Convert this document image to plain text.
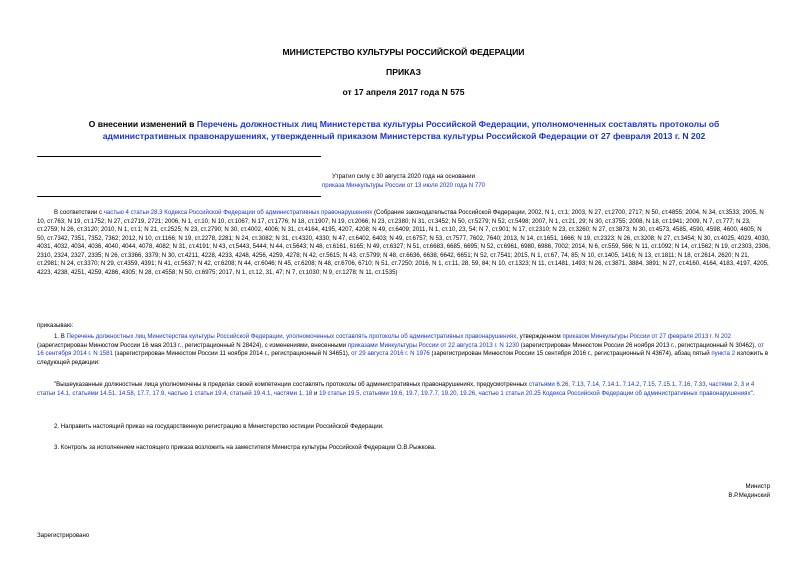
МИНИСТЕРСТВО КУЛЬТУРЫ РОССИЙСКОЙ ФЕДЕРАЦИИ
ПРИКАЗ
от 17 апреля 2017 года N 575
О внесении изменений в Перечень должностных лиц Министерства культуры Российской Федерации, уполномоченных составлять протоколы об административных правонарушениях, утвержденный приказом Министерства культуры Российской Федерации от 27 февраля 2013 г. N 202
Утратил силу с 30 августа 2020 года на основании
приказа Минкультуры России от 13 июля 2020 года N 770
В соответствии с частью 4 статьи 28.3 Кодекса Российской Федерации об административных правонарушениях (Собрание законодательства Российской Федерации, 2002, N 1, ст.1; 2003, N 27, ст.2700, 2717; N 50, ст.4855; 2004, N 34, ст.3533; 2005, N 10, ст.763; N 19, ст.1752; N 27, ст.2719, 2721; 2006, N 1, ст.10; N 10, ст.1067; N 17, ст.1776; N 18, ст.1907; N 19, ст.2066; N 23, ст.2380; N 31, ст.3452; N 50, ст.5279; N 52, ст.5498; 2007, N 1, ст.21, 29; N 30, ст.3755; 2008, N 18, ст.1941; 2009, N 7, ст.777; N 23, ст.2759; N 26, ст.3120; 2010, N 1, ст.1; N 21, ст.2525; N 23, ст.2790; N 30, ст.4002, 4006; N 31, ст.4164, 4195, 4207, 4208; N 49, ст.6409; 2011, N 1, ст.10, 23, 54; N 7, ст.901; N 17, ст.2310; N 23, ст.3260; N 27, ст.3873; N 30, ст.4573, 4585, 4590, 4598, 4600, 4605; N 50, ст.7342, 7351, 7352, 7362; 2012, N 10, ст.1166; N 19, ст.2278, 2281; N 24, ст.3082; N 31, ст.4320, 4330; N 47, ст.6402, 6403; N 49, ст.6757; N 53, ст.7577, 7602, 7640; 2013, N 14, ст.1651, 1666; N 19, ст.2323; N 26, ст.3208; N 27, ст.3454; N 30, ст.4025, 4029, 4030, 4031, 4032, 4034, 4036, 4040, 4044, 4078, 4082; N 31, ст.4191; N 43, ст.5443, 5444; N 44, ст.5643; N 48, ст.6161, 6165; N 49, ст.6327; N 51, ст.6683, 6685, 6695; N 52, ст.6961, 6980, 6986, 7002; 2014, N 6, ст.559, 566; N 11, ст.1092; N 14, ст.1562; N 19, ст.2303, 2306, 2310, 2324, 2327, 2335; N 26, ст.3366, 3379; N 30, ст.4211, 4228, 4233, 4248, 4256, 4259, 4278; N 42, ст.5615; N 43, ст.5799; N 48, ст.6636, 6638, 6642, 6651; N 52, ст.7541; 2015, N 1, ст.67, 74, 85; N 10, ст.1405, 1416; N 13, ст.1811; N 18, ст.2614, 2620; N 21, ст.2981; N 24, ст.3370; N 29, ст.4359, 4391; N 41, ст.5637; N 42, ст.6208; N 44, ст.6046; N 45, ст.6208; N 48, ст.6706, 6710; N 51, ст.7250; 2016, N 1, ст.11, 28, 59, 84; N 10, ст.1323; N 11, ст.1481, 1493; N 26, ст.3871, 3884, 3891; N 27, ст.4160, 4164, 4183, 4197, 4205, 4223, 4238, 4251, 4259, 4286, 4305; N 28, ст.4558; N 50, ст.6975; 2017, N 1, ст.12, 31, 47; N 7, ст.1030; N 9, ст.1278; N 11, ст.1535)
приказываю:
1. В Перечень должностных лиц Министерства культуры Российской Федерации, уполномоченных составлять протоколы об административных правонарушениях, утвержденном приказом Минкультуры России от 27 февраля 2013 г. N 202 (зарегистрирован Минюстом России 16 мая 2013 г., регистрационный N 28424), с изменениями, внесенными приказами Минкультуры России от 22 августа 2013 г. N 1230 (зарегистрирован Минюстом России 26 ноября 2013 г., регистрационный N 30462), от 16 сентября 2014 г. N 1581 (зарегистрирован Минюстом России 11 ноября 2014 г., регистрационный N 34651), от 29 августа 2016 г. N 1976 (зарегистрирован Минюстом России 15 сентября 2016 г., регистрационный N 43674), абзац пятый пункта 2 изложить в следующей редакции:
"Вышеуказанные должностные лица уполномочены в пределах своей компетенции составлять протоколы об административных правонарушениях, предусмотренных статьями 6.26, 7.13, 7.14, 7.14.1, 7.14.2, 7.15, 7.15.1, 7.16, 7.33, частями 2, 3 и 4 статьи 14.1, статьями 14.51, 14.58, 17.7, 17.9, частью 1 статьи 19.4, статьей 19.4.1, частями 1, 18 и 19 статьи 19.5, статьями 19.6, 19.7, 19.7.7, 19.20, 19.26, частью 1 статьи 20.25 Кодекса Российской Федерации об административных правонарушениях".
2. Направить настоящий приказ на государственную регистрацию в Министерство юстиции Российской Федерации.
3. Контроль за исполнением настоящего приказа возложить на заместителя Министра культуры Российской Федерации О.В.Рыжкова.
Министр
В.Р.Мединский
Зарегистрировано
